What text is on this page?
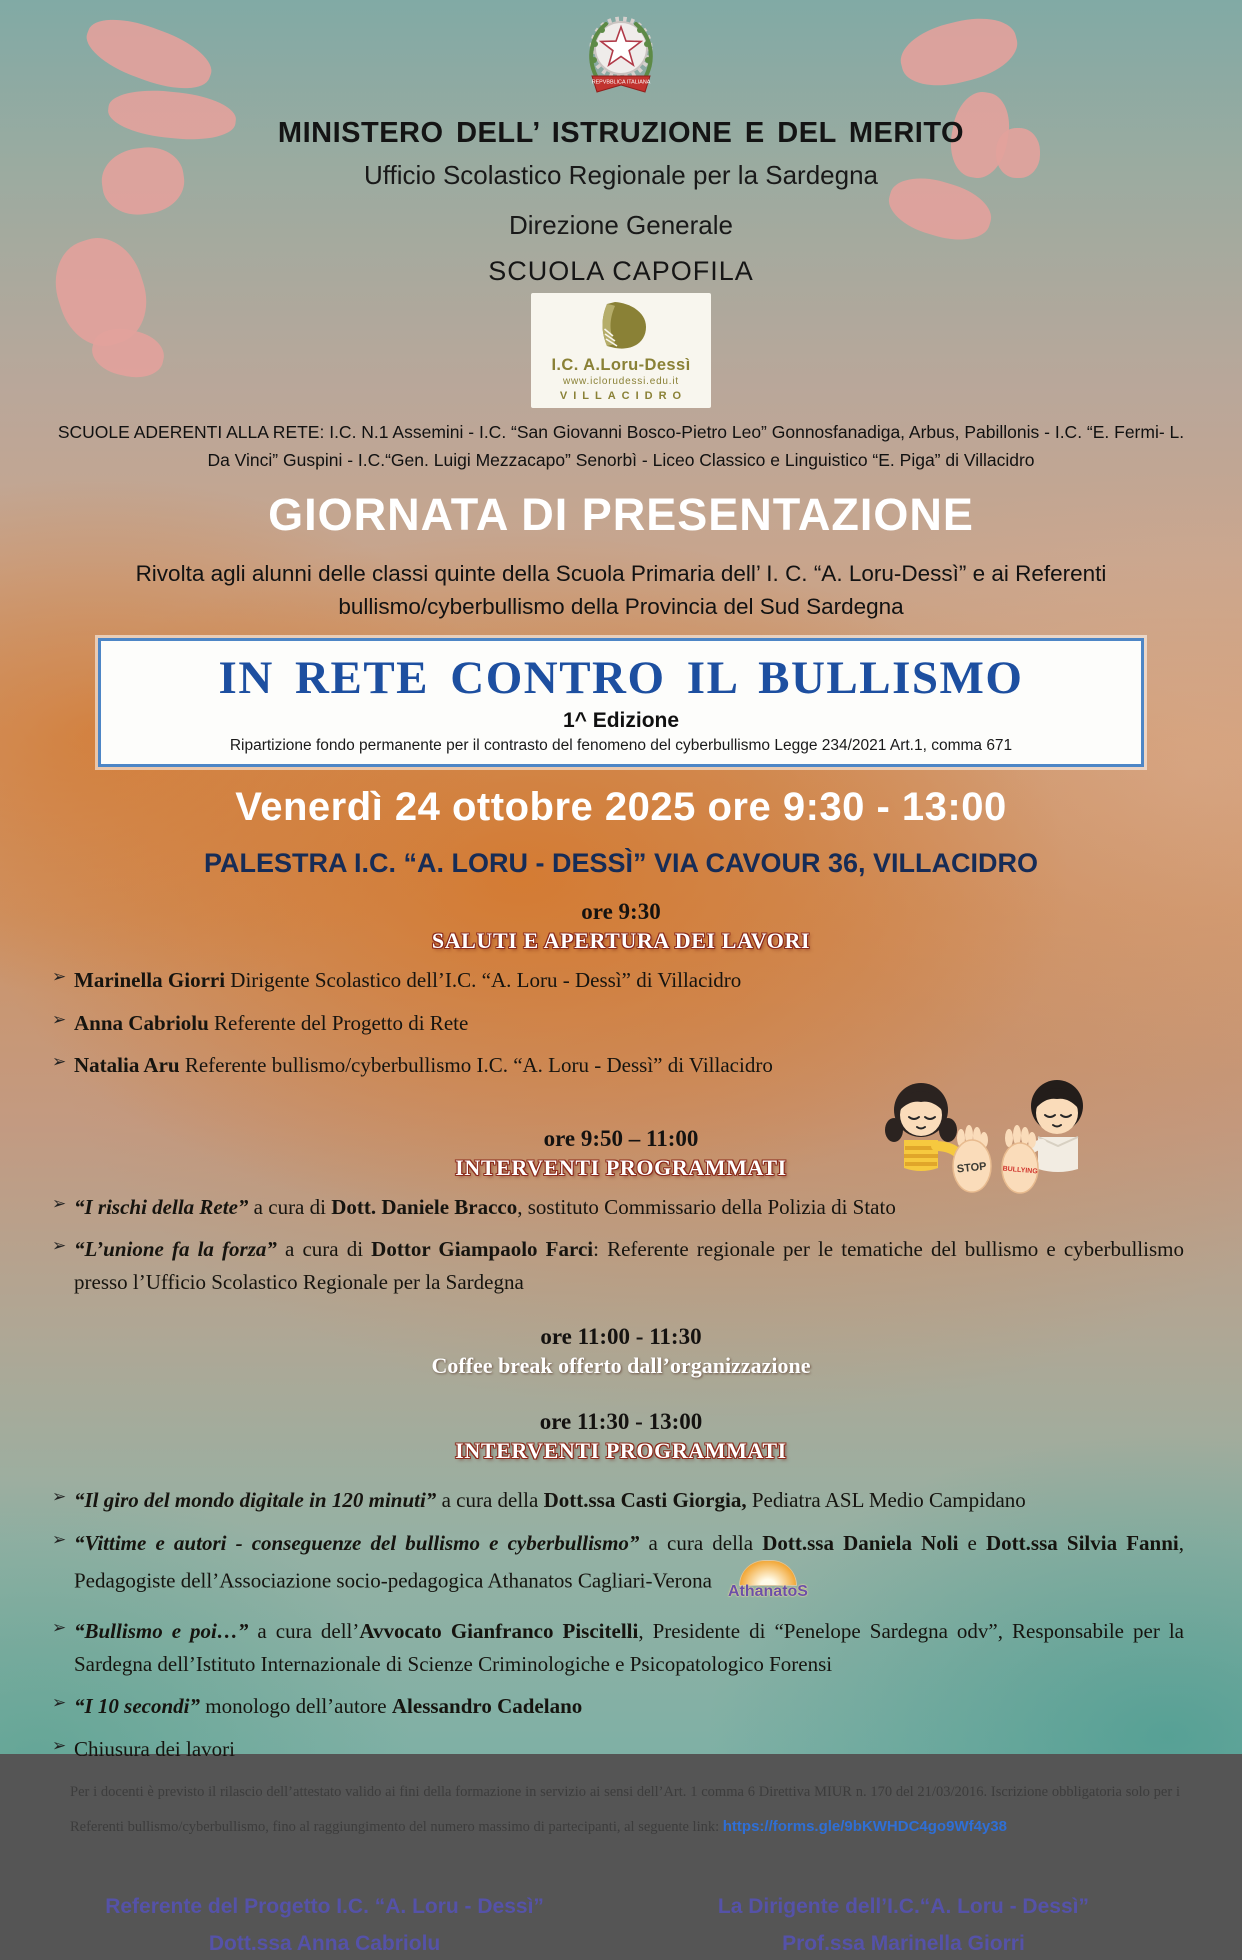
REPVBBLICA ITALIANA
MINISTERO DELL’ ISTRUZIONE E DEL MERITO
Ufficio Scolastico Regionale per la Sardegna
Direzione Generale
SCUOLA CAPOFILA
I.C. A.Loru-Dessì
www.iclorudessi.edu.it
VILLACIDRO

SCUOLE ADERENTI ALLA RETE: I.C. N.1 Assemini - I.C. “San Giovanni Bosco-Pietro Leo” Gonnosfanadiga, Arbus, Pabillonis - I.C. “E. Fermi- L. Da Vinci” Guspini - I.C.“Gen. Luigi Mezzacapo” Senorbì - Liceo Classico e Linguistico “E. Piga” di Villacidro

GIORNATA DI PRESENTAZIONE

Rivolta agli alunni delle classi quinte della Scuola Primaria dell’ I. C. “A. Loru-Dessì” e ai Referenti bullismo/cyberbullismo della Provincia del Sud Sardegna

IN RETE CONTRO IL BULLISMO
1^ Edizione
Ripartizione fondo permanente per il contrasto del fenomeno del cyberbullismo Legge 234/2021 Art.1, comma 671
Venerdì 24 ottobre 2025 ore 9:30 - 13:00
PALESTRA I.C. “A. LORU - DESSÌ” VIA CAVOUR 36, VILLACIDRO
ore 9:30
SALUTI E APERTURA DEI LAVORI

➢ Marinella Giorri Dirigente Scolastico dell’I.C. “A. Loru - Dessì” di Villacidro

➢ Anna Cabriolu Referente del Progetto di Rete

➢ Natalia Aru Referente bullismo/cyberbullismo I.C. “A. Loru - Dessì” di Villacidro

ore 9:50 – 11:00
INTERVENTI PROGRAMMATI

➢ “I rischi della Rete” a cura di Dott. Daniele Bracco, sostituto Commissario della Polizia di Stato

➢ “L’unione fa la forza” a cura di Dottor Giampaolo Farci: Referente regionale per le tematiche del bullismo e cyberbullismo presso l’Ufficio Scolastico Regionale per la Sardegna

ore 11:00 - 11:30
Coffee break offerto dall’organizzazione
ore 11:30 - 13:00
INTERVENTI PROGRAMMATI
STOP BULLYING

➢ “Il giro del mondo digitale in 120 minuti” a cura della Dott.ssa Casti Giorgia, Pediatra ASL Medio Campidano

➢ “Vittime e autori - conseguenze del bullismo e cyberbullismo” a cura della Dott.ssa Daniela Noli e Dott.ssa Silvia Fanni, Pedagogiste dell’Associazione socio-pedagogica Athanatos Cagliari-Verona AthanatoS

➢ “Bullismo e poi…” a cura dell’Avvocato Gianfranco Piscitelli, Presidente di “Penelope Sardegna odv”, Responsabile per la Sardegna dell’Istituto Internazionale di Scienze Criminologiche e Psicopatologico Forensi

➢ “I 10 secondi” monologo dell’autore Alessandro Cadelano

➢ Chiusura dei lavori

Per i docenti è previsto il rilascio dell’attestato valido ai fini della formazione in servizio ai sensi dell’Art. 1 comma 6 Direttiva MIUR n. 170 del 21/03/2016. Iscrizione obbligatoria solo per i Referenti bullismo/cyberbullismo, fino al raggiungimento del numero massimo di partecipanti, al seguente link: https://forms.gle/9bKWHDC4go9Wf4y38

Referente del Progetto I.C. “A. Loru - Dessì”
Dott.ssa Anna Cabriolu
La Dirigente dell’I.C.“A. Loru - Dessì”
Prof.ssa Marinella Giorri
